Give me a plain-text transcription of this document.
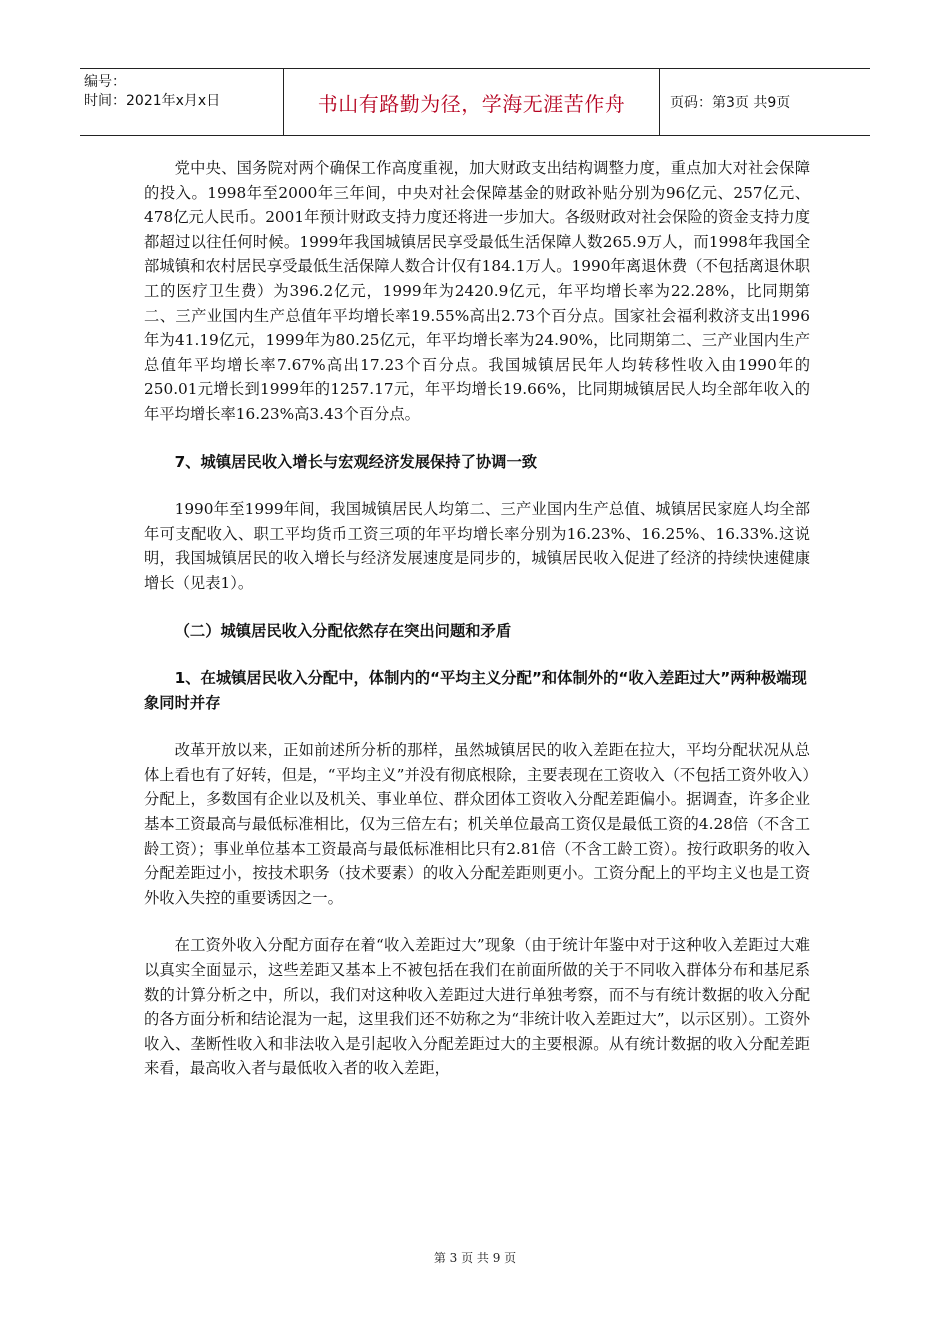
编号：
时间：2021年x月x日	书山有路勤为径，学海无涯苦作舟	页码：第3页 共9页

党中央、国务院对两个确保工作高度重视，加大财政支出结构调整力度，重点加大对社会保障的投入。1998年至2000年三年间，中央对社会保障基金的财政补贴分别为96亿元、257亿元、478亿元人民币。2001年预计财政支持力度还将进一步加大。各级财政对社会保险的资金支持力度都超过以往任何时候。1999年我国城镇居民享受最低生活保障人数265.9万人，而1998年我国全部城镇和农村居民享受最低生活保障人数合计仅有184.1万人。1990年离退休费（不包括离退休职工的医疗卫生费）为396.2亿元，1999年为2420.9亿元，年平均增长率为22.28%，比同期第二、三产业国内生产总值年平均增长率19.55%高出2.73个百分点。国家社会福利救济支出1996年为41.19亿元，1999年为80.25亿元，年平均增长率为24.90%，比同期第二、三产业国内生产总值年平均增长率7.67%高出17.23个百分点。我国城镇居民年人均转移性收入由1990年的250.01元增长到1999年的1257.17元，年平均增长19.66%，比同期城镇居民人均全部年收入的年平均增长率16.23%高3.43个百分点。

7、城镇居民收入增长与宏观经济发展保持了协调一致

1990年至1999年间，我国城镇居民人均第二、三产业国内生产总值、城镇居民家庭人均全部年可支配收入、职工平均货币工资三项的年平均增长率分别为16.23%、16.25%、16.33%.这说明，我国城镇居民的收入增长与经济发展速度是同步的，城镇居民收入促进了经济的持续快速健康增长（见表1）。

（二）城镇居民收入分配依然存在突出问题和矛盾

1、在城镇居民收入分配中，体制内的“平均主义分配”和体制外的“收入差距过大”两种极端现象同时并存

改革开放以来，正如前述所分析的那样，虽然城镇居民的收入差距在拉大，平均分配状况从总体上看也有了好转，但是，“平均主义”并没有彻底根除，主要表现在工资收入（不包括工资外收入）分配上，多数国有企业以及机关、事业单位、群众团体工资收入分配差距偏小。据调查，许多企业基本工资最高与最低标准相比，仅为三倍左右；机关单位最高工资仅是最低工资的4.28倍（不含工龄工资）；事业单位基本工资最高与最低标准相比只有2.81倍（不含工龄工资）。按行政职务的收入分配差距过小，按技术职务（技术要素）的收入分配差距则更小。工资分配上的平均主义也是工资外收入失控的重要诱因之一。

在工资外收入分配方面存在着“收入差距过大”现象（由于统计年鉴中对于这种收入差距过大难以真实全面显示，这些差距又基本上不被包括在我们在前面所做的关于不同收入群体分布和基尼系数的计算分析之中，所以，我们对这种收入差距过大进行单独考察，而不与有统计数据的收入分配的各方面分析和结论混为一起，这里我们还不妨称之为“非统计收入差距过大”，以示区别）。工资外收入、垄断性收入和非法收入是引起收入分配差距过大的主要根源。从有统计数据的收入分配差距来看，最高收入者与最低收入者的收入差距，

第 3 页 共 9 页
